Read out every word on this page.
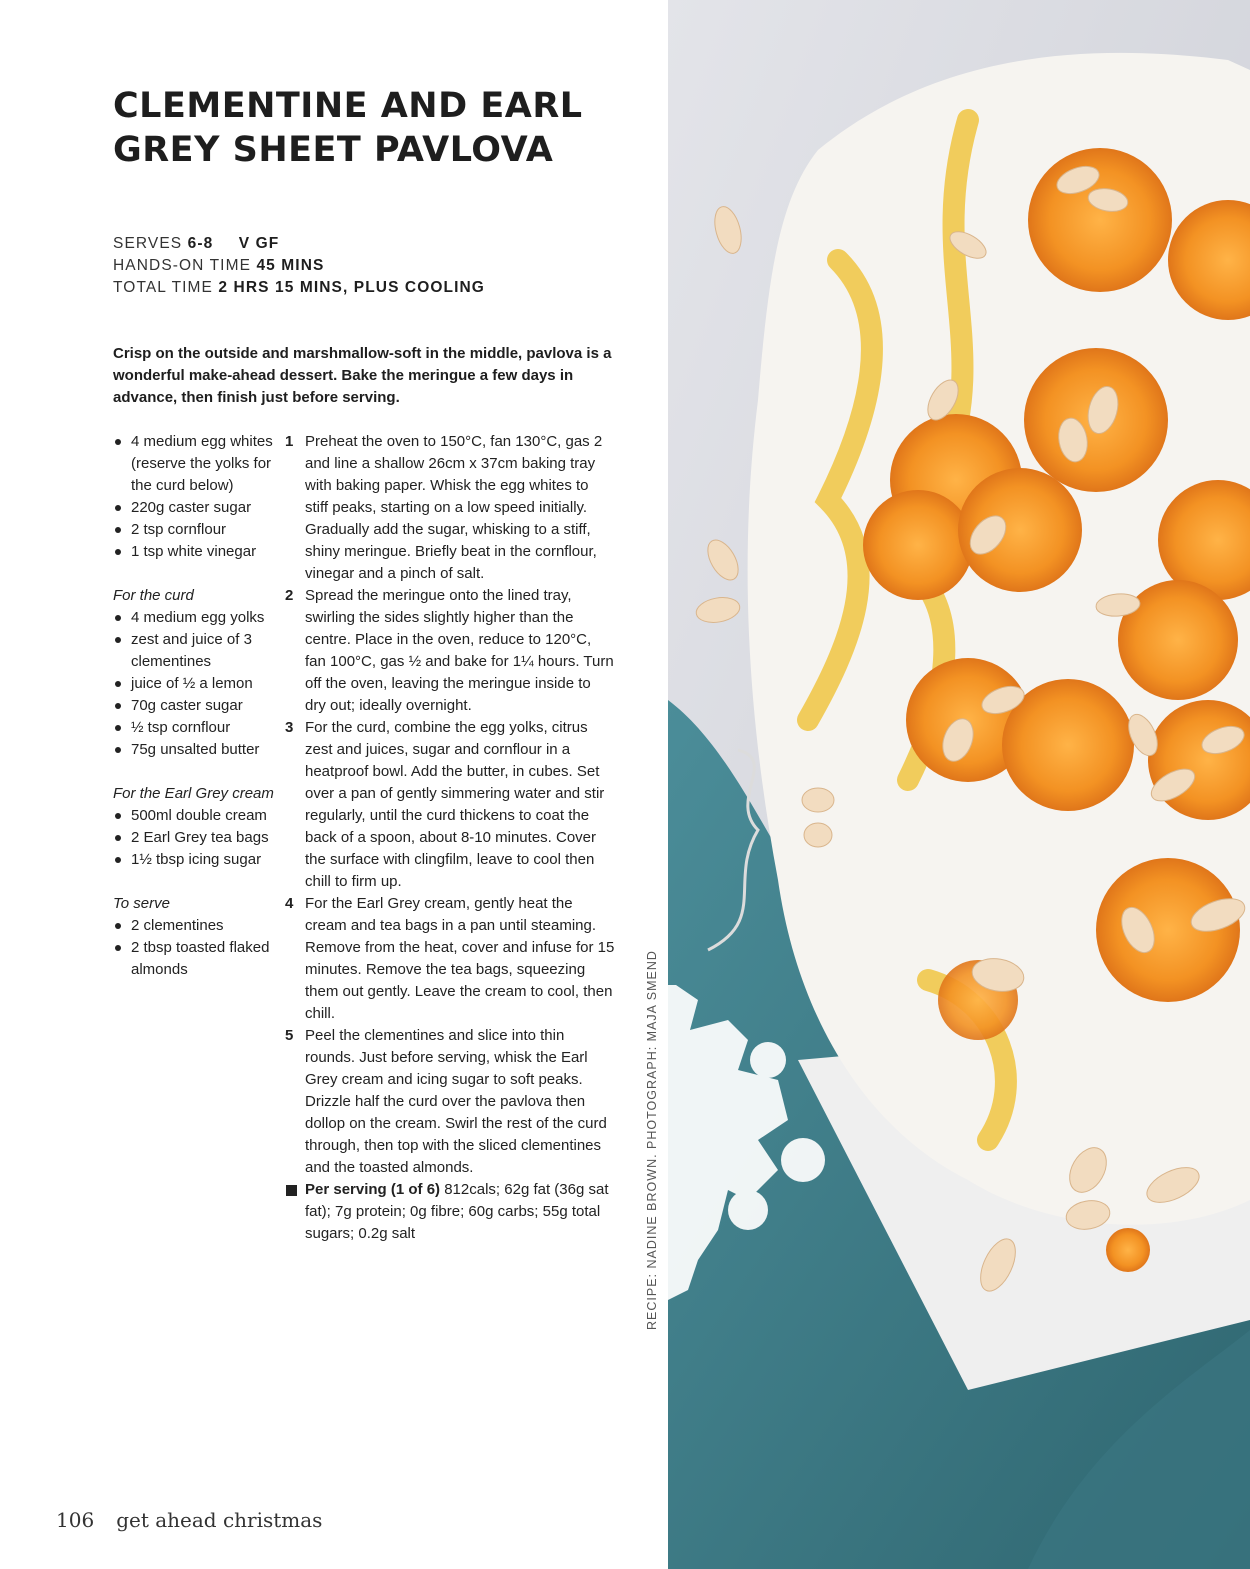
CLEMENTINE AND EARL GREY SHEET PAVLOVA
SERVES 6-8 V GF
HANDS-ON TIME 45 MINS
TOTAL TIME 2 HRS 15 MINS, PLUS COOLING
Crisp on the outside and marshmallow-soft in the middle, pavlova is a wonderful make-ahead dessert. Bake the meringue a few days in advance, then finish just before serving.
4 medium egg whites (reserve the yolks for the curd below)
220g caster sugar
2 tsp cornflour
1 tsp white vinegar
For the curd
4 medium egg yolks
zest and juice of 3 clementines
juice of ½ a lemon
70g caster sugar
½ tsp cornflour
75g unsalted butter
For the Earl Grey cream
500ml double cream
2 Earl Grey tea bags
1½ tbsp icing sugar
To serve
2 clementines
2 tbsp toasted flaked almonds
1 Preheat the oven to 150°C, fan 130°C, gas 2 and line a shallow 26cm x 37cm baking tray with baking paper. Whisk the egg whites to stiff peaks, starting on a low speed initially. Gradually add the sugar, whisking to a stiff, shiny meringue. Briefly beat in the cornflour, vinegar and a pinch of salt.
2 Spread the meringue onto the lined tray, swirling the sides slightly higher than the centre. Place in the oven, reduce to 120°C, fan 100°C, gas ½ and bake for 1¼ hours. Turn off the oven, leaving the meringue inside to dry out; ideally overnight.
3 For the curd, combine the egg yolks, citrus zest and juices, sugar and cornflour in a heatproof bowl. Add the butter, in cubes. Set over a pan of gently simmering water and stir regularly, until the curd thickens to coat the back of a spoon, about 8-10 minutes. Cover the surface with clingfilm, leave to cool then chill to firm up.
4 For the Earl Grey cream, gently heat the cream and tea bags in a pan until steaming. Remove from the heat, cover and infuse for 15 minutes. Remove the tea bags, squeezing them out gently. Leave the cream to cool, then chill.
5 Peel the clementines and slice into thin rounds. Just before serving, whisk the Earl Grey cream and icing sugar to soft peaks. Drizzle half the curd over the pavlova then dollop on the cream. Swirl the rest of the curd through, then top with the sliced clementines and the toasted almonds.
Per serving (1 of 6) 812cals; 62g fat (36g sat fat); 7g protein; 0g fibre; 60g carbs; 55g total sugars; 0.2g salt	RECIPE: NADINE BROWN. PHOTOGRAPH: MAJA SMEND
106 get ahead christmas
